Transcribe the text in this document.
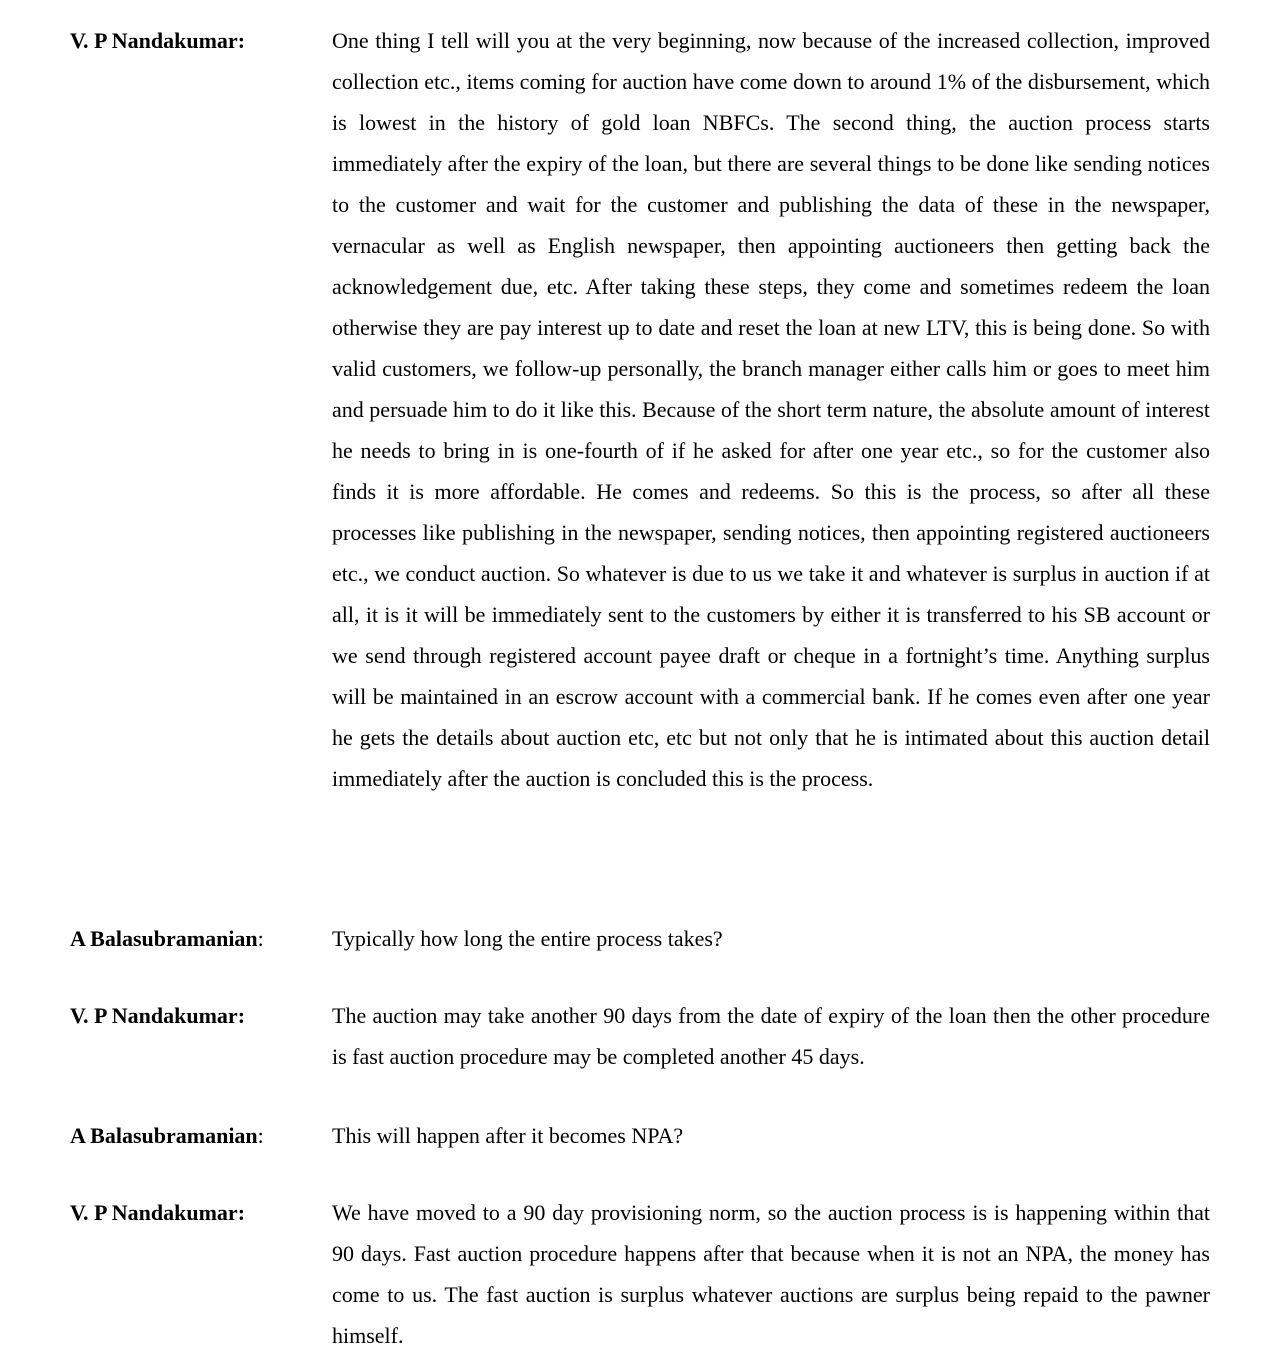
V. P Nandakumar:	One thing I tell will you at the very beginning, now because of the increased collection, improved collection etc., items coming for auction have come down to around 1% of the disbursement, which is lowest in the history of gold loan NBFCs. The second thing, the auction process starts immediately after the expiry of the loan, but there are several things to be done like sending notices to the customer and wait for the customer and publishing the data of these in the newspaper, vernacular as well as English newspaper, then appointing auctioneers then getting back the acknowledgement due, etc. After taking these steps, they come and sometimes redeem the loan otherwise they are pay interest up to date and reset the loan at new LTV, this is being done. So with valid customers, we follow-up personally, the branch manager either calls him or goes to meet him and persuade him to do it like this. Because of the short term nature, the absolute amount of interest he needs to bring in is one-fourth of if he asked for after one year etc., so for the customer also finds it is more affordable. He comes and redeems. So this is the process, so after all these processes like publishing in the newspaper, sending notices, then appointing registered auctioneers etc., we conduct auction. So whatever is due to us we take it and whatever is surplus in auction if at all, it is it will be immediately sent to the customers by either it is transferred to his SB account or we send through registered account payee draft or cheque in a fortnight’s time. Anything surplus will be maintained in an escrow account with a commercial bank. If he comes even after one year he gets the details about auction etc, etc but not only that he is intimated about this auction detail immediately after the auction is concluded this is the process.
A Balasubramanian:	Typically how long the entire process takes?
V. P Nandakumar:	The auction may take another 90 days from the date of expiry of the loan then the other procedure is fast auction procedure may be completed another 45 days.
A Balasubramanian:	This will happen after it becomes NPA?
V. P Nandakumar:	We have moved to a 90 day provisioning norm, so the auction process is is happening within that 90 days. Fast auction procedure happens after that because when it is not an NPA, the money has come to us. The fast auction is surplus whatever auctions are surplus being repaid to the pawner himself.
